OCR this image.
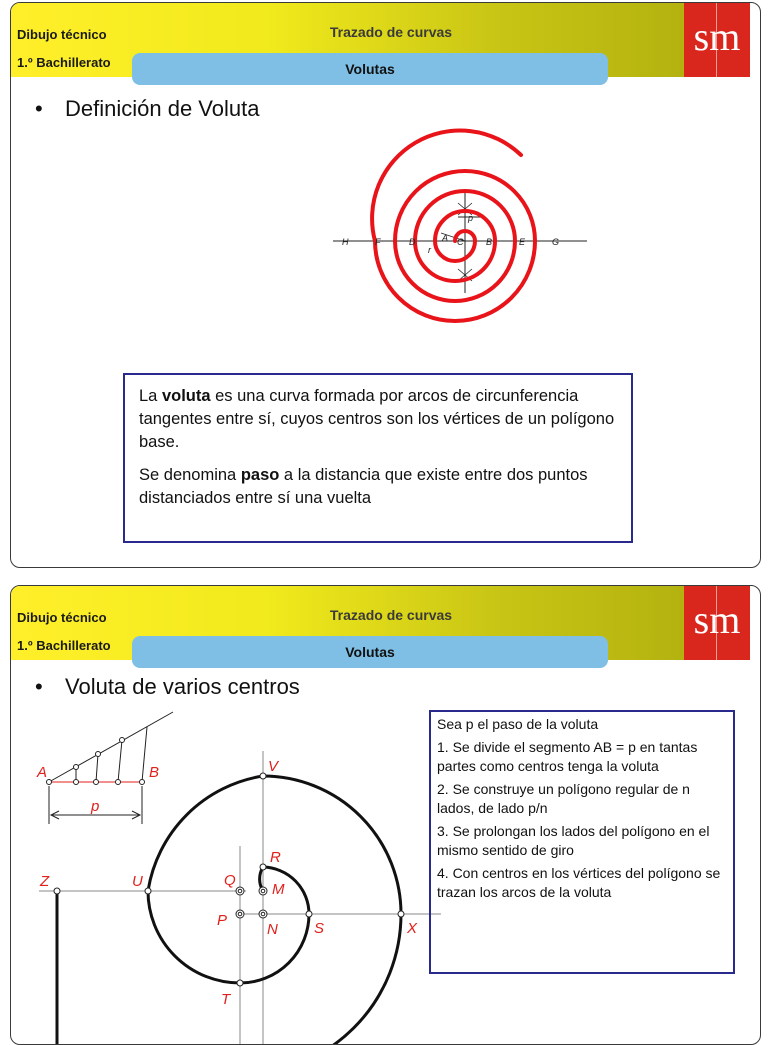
Dibujo técnico
1.º Bachillerato
Trazado de curvas
Volutas
sm
• Definición de Voluta
H	F	D	A C	B	E	G
p
r

La voluta es una curva formada por arcos de circunferencia tangentes entre sí, cuyos centros son los vértices de un polígono base.

Se denomina paso a la distancia que existe entre dos puntos distanciados entre sí una vuelta

Dibujo técnico
1.º Bachillerato
Trazado de curvas
Volutas
sm
• Voluta de varios centros
A	B
p
V
R
Q
M
P
N S	X
Z	U
T

Sea p el paso de la voluta

1. Se divide el segmento AB = p en tantas partes como centros tenga la voluta

2. Se construye un polígono regular de n lados, de lado p/n

3. Se prolongan los lados del polígono en el mismo sentido de giro

4. Con centros en los vértices del polígono se trazan los arcos de la voluta
